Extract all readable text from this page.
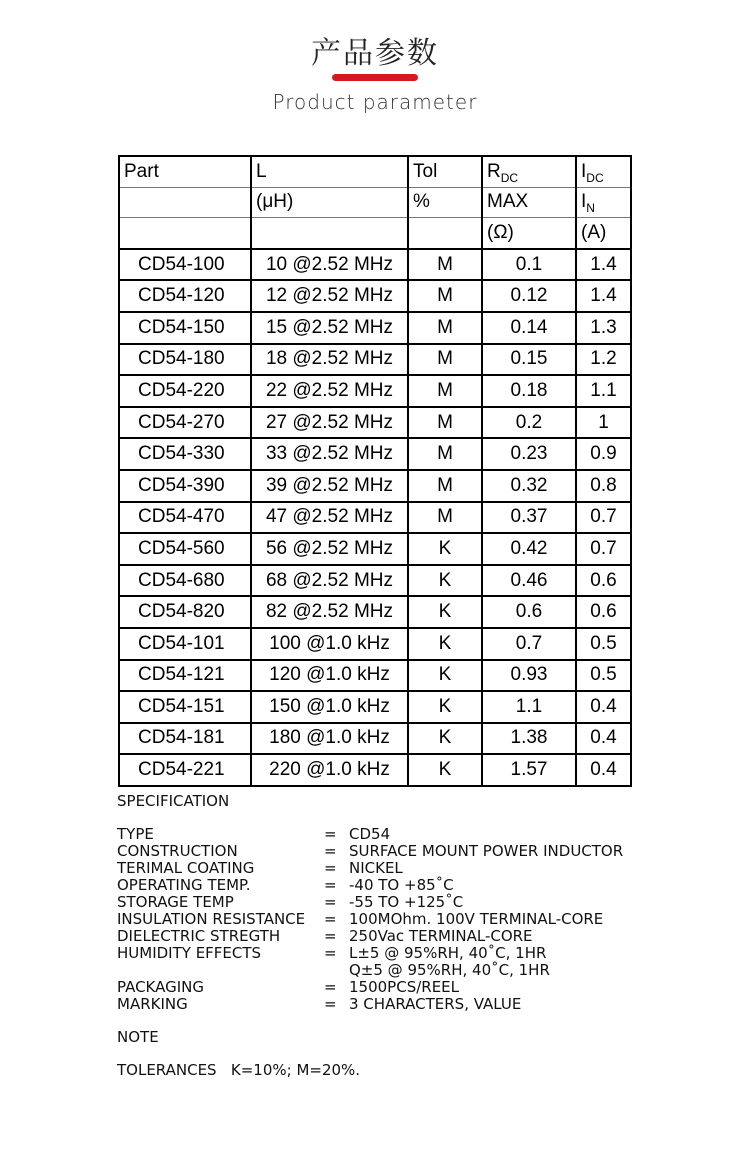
产品参数
Product parameter
Part	L	Tol	$R_{DC}$	$I_{DC}$
	(μH)	%	MAX	$I_N$
			(Ω)	(A)
CD54-100	10 @2.52 MHz	M	0.1	1.4
CD54-120	12 @2.52 MHz	M	0.12	1.4
CD54-150	15 @2.52 MHz	M	0.14	1.3
CD54-180	18 @2.52 MHz	M	0.15	1.2
CD54-220	22 @2.52 MHz	M	0.18	1.1
CD54-270	27 @2.52 MHz	M	0.2	1
CD54-330	33 @2.52 MHz	M	0.23	0.9
CD54-390	39 @2.52 MHz	M	0.32	0.8
CD54-470	47 @2.52 MHz	M	0.37	0.7
CD54-560	56 @2.52 MHz	K	0.42	0.7
CD54-680	68 @2.52 MHz	K	0.46	0.6
CD54-820	82 @2.52 MHz	K	0.6	0.6
CD54-101	100 @1.0 kHz	K	0.7	0.5
CD54-121	120 @1.0 kHz	K	0.93	0.5
CD54-151	150 @1.0 kHz	K	1.1	0.4
CD54-181	180 @1.0 kHz	K	1.38	0.4
CD54-221	220 @1.0 kHz	K	1.57	0.4
SPECIFICATION
TYPE	= CD54
CONSTRUCTION	= SURFACE MOUNT POWER INDUCTOR
TERIMAL COATING	= NICKEL
OPERATING TEMP.	= -40 TO +85˚C
STORAGE TEMP	= -55 TO +125˚C
INSULATION RESISTANCE = 100MOhm. 100V TERMINAL-CORE
DIELECTRIC STREGTH	= 250Vac TERMINAL-CORE
HUMIDITY EFFECTS	= L±5 @ 95%RH, 40˚C, 1HR
Q±5 @ 95%RH, 40˚C, 1HR
PACKAGING	= 1500PCS/REEL
MARKING	= 3 CHARACTERS, VALUE
NOTE
TOLERANCES   K=10%; M=20%.
